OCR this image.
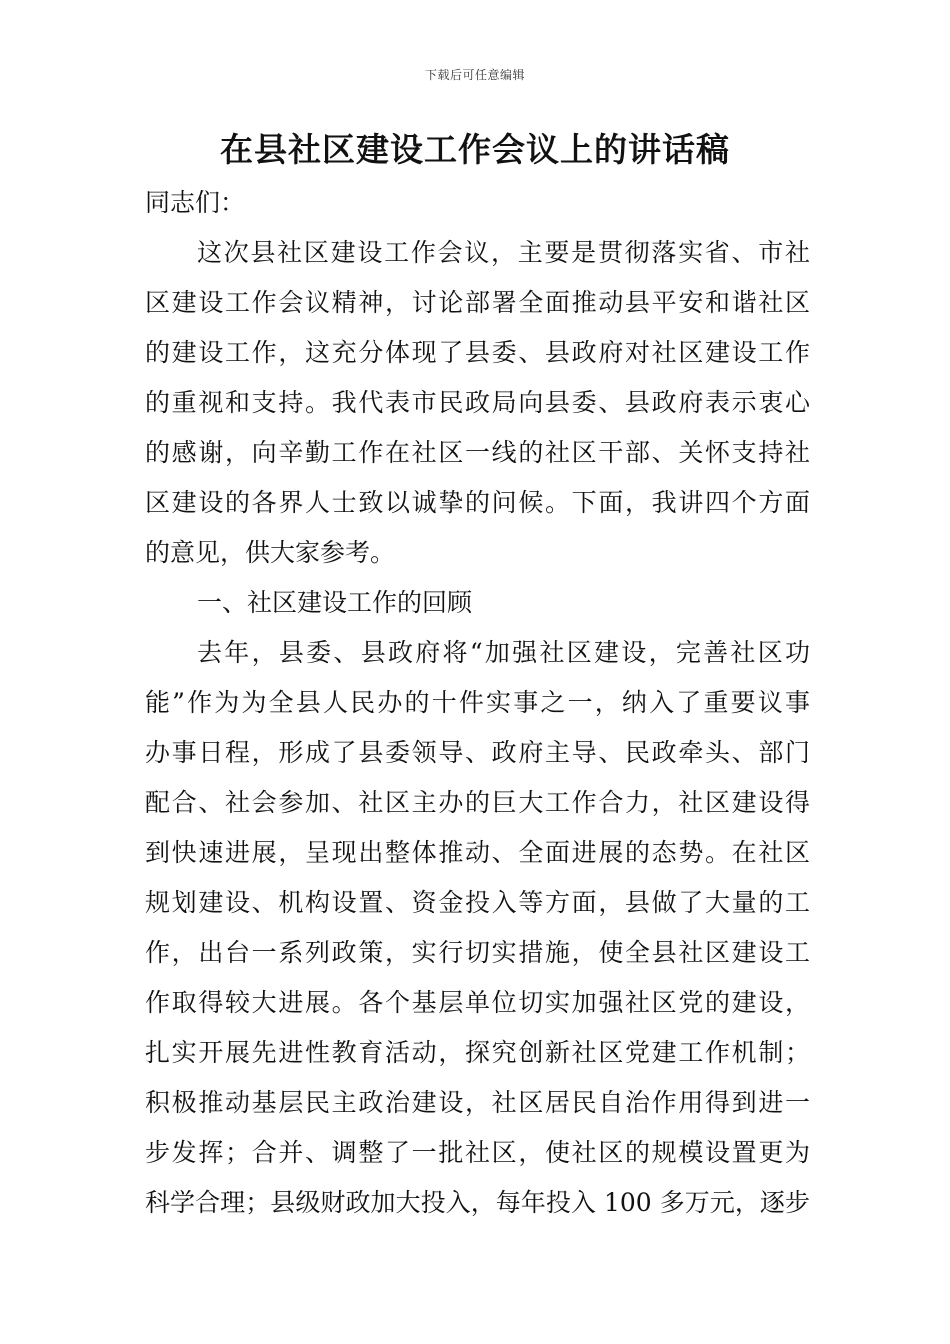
下载后可任意编辑
在县社区建设工作会议上的讲话稿
同志们：
这次县社区建设工作会议，主要是贯彻落实省、市社
区建设工作会议精神，讨论部署全面推动县平安和谐社区
的建设工作，这充分体现了县委、县政府对社区建设工作
的重视和支持。我代表市民政局向县委、县政府表示衷心
的感谢，向辛勤工作在社区一线的社区干部、关怀支持社
区建设的各界人士致以诚挚的问候。下面，我讲四个方面
的意见，供大家参考。
一、社区建设工作的回顾
去年，县委、县政府将“加强社区建设，完善社区功
能”作为为全县人民办的十件实事之一，纳入了重要议事
办事日程，形成了县委领导、政府主导、民政牵头、部门
配合、社会参加、社区主办的巨大工作合力，社区建设得
到快速进展，呈现出整体推动、全面进展的态势。在社区
规划建设、机构设置、资金投入等方面，县做了大量的工
作，出台一系列政策，实行切实措施，使全县社区建设工
作取得较大进展。各个基层单位切实加强社区党的建设，
扎实开展先进性教育活动，探究创新社区党建工作机制；
积极推动基层民主政治建设，社区居民自治作用得到进一
步发挥；合并、调整了一批社区，使社区的规模设置更为
科学合理；县级财政加大投入，每年投入 100 多万元，逐步
